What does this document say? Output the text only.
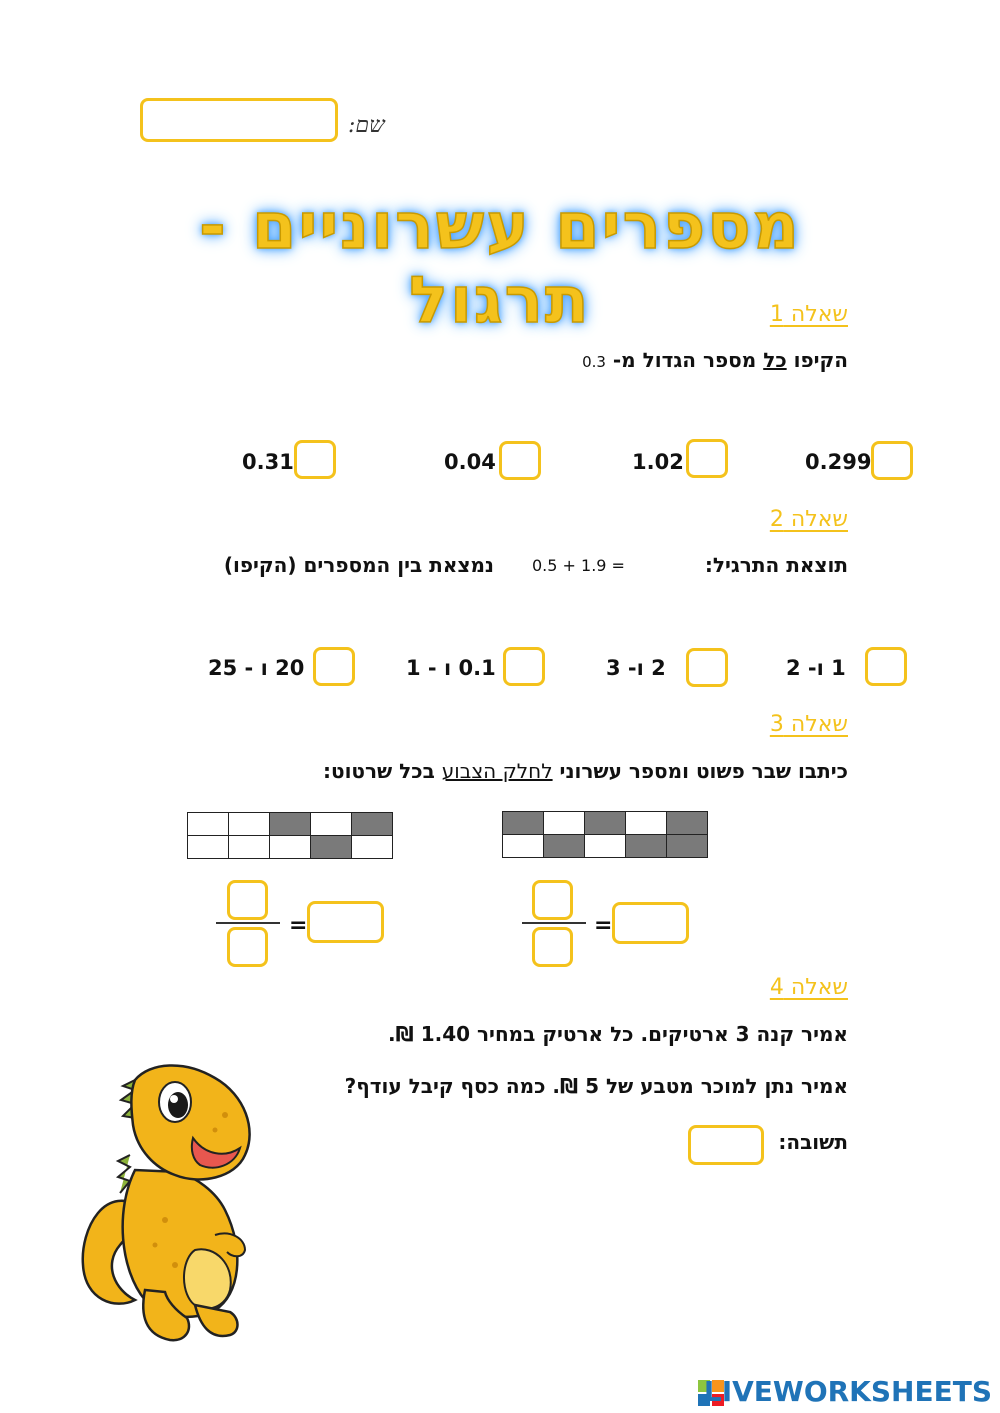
שם:
מספרים עשרוניים - תרגול	שאלה 1
הקיפו כל מספר הגדול מ- 0.3
0.299
1.02
0.04
0.31
שאלה 2
תוצאת התרגיל:
0.5 + 1.9 =
נמצאת בין המספרים (הקיפו)
1 ו- 2
2 ו- 3
0.1 ו - 1
20 ו - 25
שאלה 3
כיתבו שבר פשוט ומספר עשרוני לחלק הצבוע בכל שרטוט:

=
=
שאלה 4
אמיר קנה 3 ארטיקים. כל ארטיק במחיר 1.40 ₪.
אמיר נתן למוכר מטבע של 5 ₪. כמה כסף קיבל עודף?
תשובה:
LIVEWORKSHEETS
